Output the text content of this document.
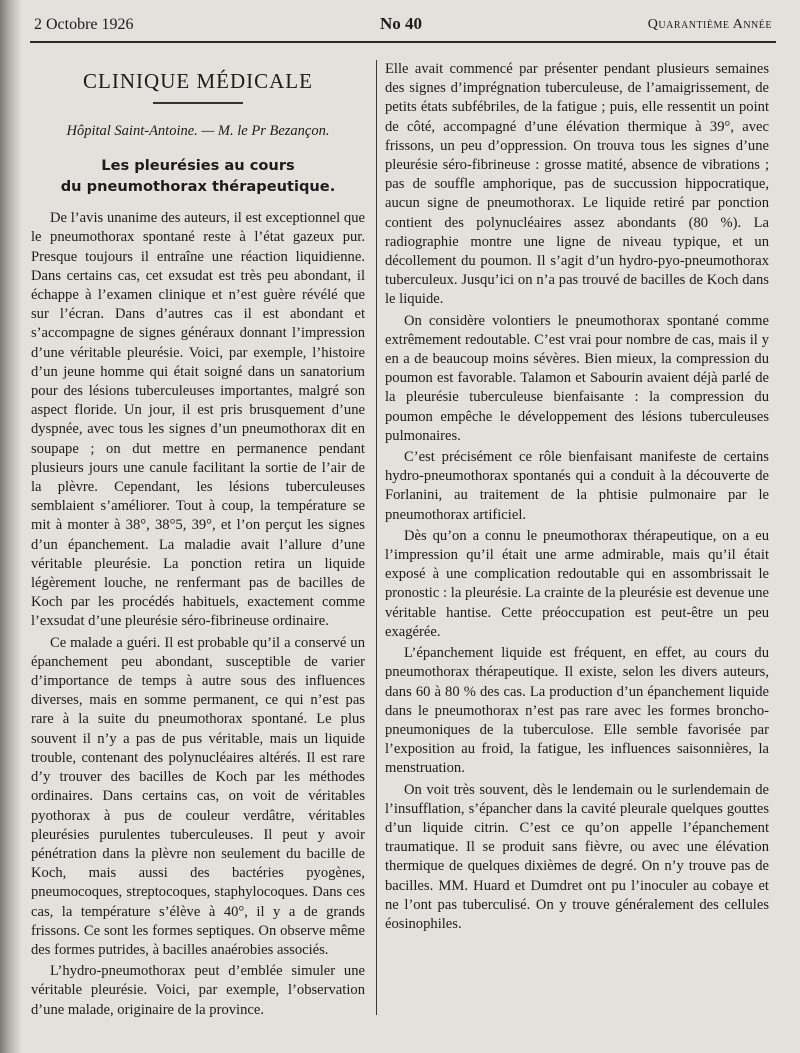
2 Octobre 1926	No 40	Quarantième Année
CLINIQUE MÉDICALE
Hôpital Saint-Antoine. — M. le Pr Bezançon.
Les pleurésies au cours
du pneumothorax thérapeutique.

De l’avis unanime des auteurs, il est exceptionnel que le pneumothorax spontané reste à l’état gazeux pur. Presque toujours il entraîne une réaction liquidienne. Dans certains cas, cet exsudat est très peu abondant, il échappe à l’examen clinique et n’est guère révélé que sur l’écran. Dans d’autres cas il est abondant et s’accompagne de signes généraux donnant l’impression d’une véritable pleurésie. Voici, par exemple, l’histoire d’un jeune homme qui était soigné dans un sanatorium pour des lésions tuberculeuses importantes, malgré son aspect floride. Un jour, il est pris brusquement d’une dyspnée, avec tous les signes d’un pneumothorax dit en soupape ; on dut mettre en permanence pendant plusieurs jours une canule facilitant la sortie de l’air de la plèvre. Cependant, les lésions tuberculeuses semblaient s’améliorer. Tout à coup, la température se mit à monter à 38°, 38°5, 39°, et l’on perçut les signes d’un épanchement. La maladie avait l’allure d’une véritable pleurésie. La ponction retira un liquide légèrement louche, ne renfermant pas de bacilles de Koch par les procédés habituels, exactement comme l’exsudat d’une pleurésie séro-fibrineuse ordinaire.

Ce malade a guéri. Il est probable qu’il a conservé un épanchement peu abondant, susceptible de varier d’importance de temps à autre sous des influences diverses, mais en somme permanent, ce qui n’est pas rare à la suite du pneumothorax spontané. Le plus souvent il n’y a pas de pus véritable, mais un liquide trouble, contenant des polynucléaires altérés. Il est rare d’y trouver des bacilles de Koch par les méthodes ordinaires. Dans certains cas, on voit de véritables pyothorax à pus de couleur verdâtre, véritables pleurésies purulentes tuberculeuses. Il peut y avoir pénétration dans la plèvre non seulement du bacille de Koch, mais aussi des bactéries pyogènes, pneumocoques, streptocoques, staphylocoques. Dans ces cas, la température s’élève à 40°, il y a de grands frissons. Ce sont les formes septiques. On observe même des formes putrides, à bacilles anaérobies associés.

L’hydro-pneumothorax peut d’emblée simuler une véritable pleurésie. Voici, par exemple, l’observation d’une malade, originaire de la province.

Elle avait commencé par présenter pendant plusieurs semaines des signes d’imprégnation tuberculeuse, de l’amaigrissement, de petits états subfébriles, de la fatigue ; puis, elle ressentit un point de côté, accompagné d’une élévation thermique à 39°, avec frissons, un peu d’oppression. On trouva tous les signes d’une pleurésie séro-fibrineuse : grosse matité, absence de vibrations ; pas de souffle amphorique, pas de succussion hippocratique, aucun signe de pneumothorax. Le liquide retiré par ponction contient des polynucléaires assez abondants (80 %). La radiographie montre une ligne de niveau typique, et un décollement du poumon. Il s’agit d’un hydro-pyo-pneumothorax tuberculeux. Jusqu’ici on n’a pas trouvé de bacilles de Koch dans le liquide.

On considère volontiers le pneumothorax spontané comme extrêmement redoutable. C’est vrai pour nombre de cas, mais il y en a de beaucoup moins sévères. Bien mieux, la compression du poumon est favorable. Talamon et Sabourin avaient déjà parlé de la pleurésie tuberculeuse bienfaisante : la compression du poumon empêche le développement des lésions tuberculeuses pulmonaires.

C’est précisément ce rôle bienfaisant manifeste de certains hydro-pneumothorax spontanés qui a conduit à la découverte de Forlanini, au traitement de la phtisie pulmonaire par le pneumothorax artificiel.

Dès qu’on a connu le pneumothorax thérapeutique, on a eu l’impression qu’il était une arme admirable, mais qu’il était exposé à une complication redoutable qui en assombrissait le pronostic : la pleurésie. La crainte de la pleurésie est devenue une véritable hantise. Cette préoccupation est peut-être un peu exagérée.

L’épanchement liquide est fréquent, en effet, au cours du pneumothorax thérapeutique. Il existe, selon les divers auteurs, dans 60 à 80 % des cas. La production d’un épanchement liquide dans le pneumothorax n’est pas rare avec les formes broncho-pneumoniques de la tuberculose. Elle semble favorisée par l’exposition au froid, la fatigue, les influences saisonnières, la menstruation.

On voit très souvent, dès le lendemain ou le surlendemain de l’insufflation, s’épancher dans la cavité pleurale quelques gouttes d’un liquide citrin. C’est ce qu’on appelle l’épanchement traumatique. Il se produit sans fièvre, ou avec une élévation thermique de quelques dixièmes de degré. On n’y trouve pas de bacilles. MM. Huard et Dumdret ont pu l’inoculer au cobaye et ne l’ont pas tuberculisé. On y trouve généralement des cellules éosinophiles.
